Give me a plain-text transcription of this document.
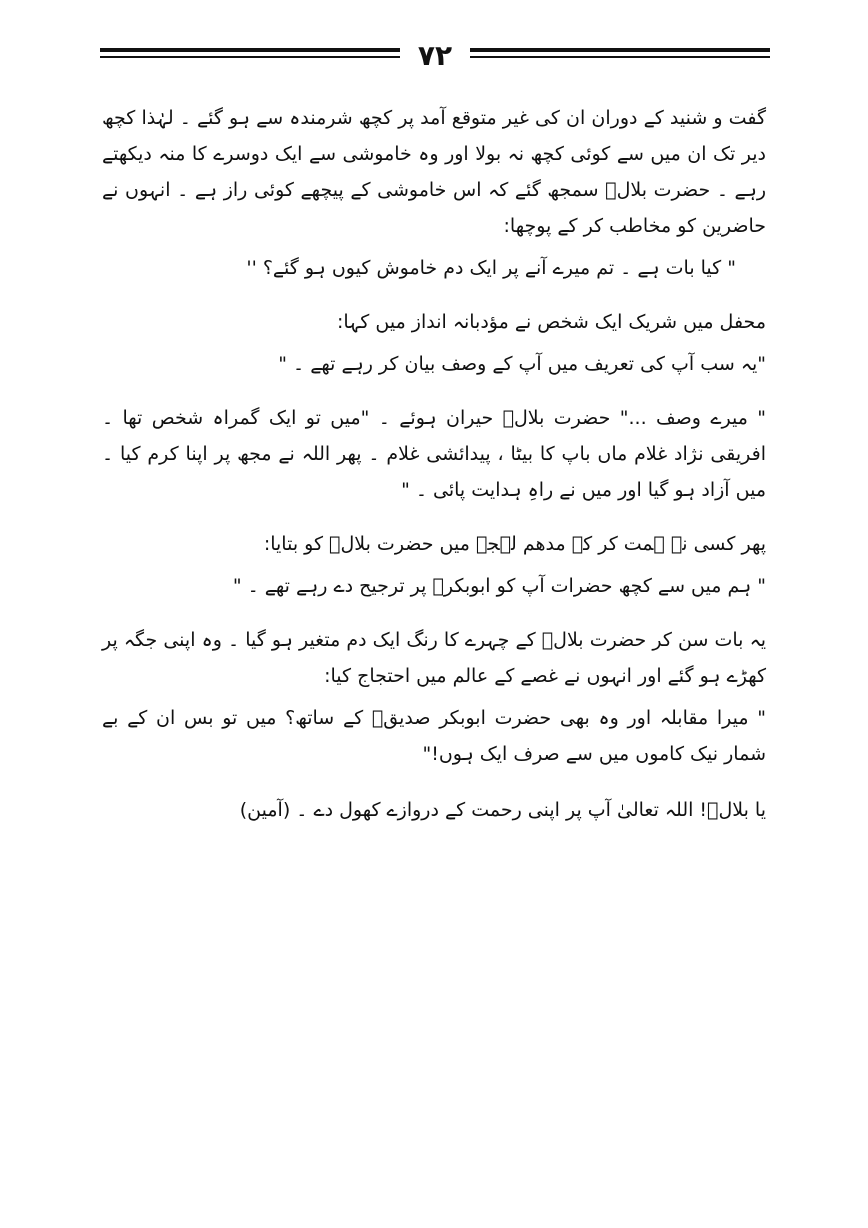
۷۲

گفت و شنید کے دوران ان کی غیر متوقع آمد پر کچھ شرمندہ سے ہو گئے ۔ لہٰذا کچھ دیر تک ان میں سے کوئی کچھ نہ بولا اور وہ خاموشی سے ایک دوسرے کا منہ دیکھتے رہے ۔ حضرت بلالؓ سمجھ گئے کہ اس خاموشی کے پیچھے کوئی راز ہے ۔ انہوں نے حاضرین کو مخاطب کر کے پوچھا:

" کیا بات ہے ۔ تم میرے آنے پر ایک دم خاموش کیوں ہو گئے؟ ''

محفل میں شریک ایک شخص نے مؤدبانہ انداز میں کہا:

"یہ سب آپ کی تعریف میں آپ کے وصف بیان کر رہے تھے ۔ "

" میرے وصف ..." حضرت بلالؓ حیران ہوئے ۔ "میں تو ایک گمراہ شخص تھا ۔ افریقی نژاد غلام ماں باپ کا بیٹا ، پیدائشی غلام ۔ پھر اللہ نے مجھ پر اپنا کرم کیا ۔ میں آزاد ہو گیا اور میں نے راہِ ہدایت پائی ۔ "

پھر کسی نے ہمت کر کے مدھم لہجے میں حضرت بلالؓ کو بتایا:

" ہم میں سے کچھ حضرات آپ کو ابوبکرؓ پر ترجیح دے رہے تھے ۔ "

یہ بات سن کر حضرت بلالؓ کے چہرے کا رنگ ایک دم متغیر ہو گیا ۔ وہ اپنی جگہ پر کھڑے ہو گئے اور انہوں نے غصے کے عالم میں احتجاج کیا:

" میرا مقابلہ اور وہ بھی حضرت ابوبکر صدیقؓ کے ساتھ؟ میں تو بس ان کے بے شمار نیک کاموں میں سے صرف ایک ہوں!"

یا بلالؓ! اللہ تعالیٰ آپ پر اپنی رحمت کے دروازے کھول دے ۔ (آمین)
